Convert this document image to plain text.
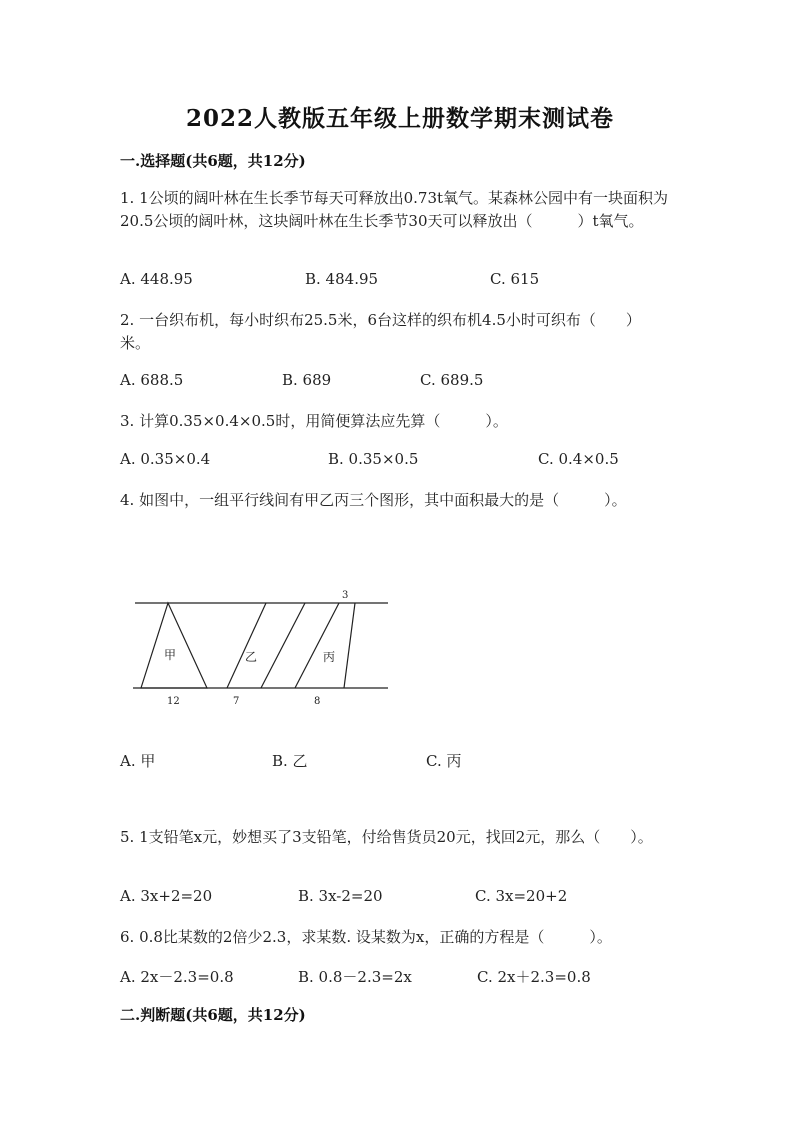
2022人教版五年级上册数学期末测试卷
一.选择题(共6题，共12分)
1. 1公顷的阔叶林在生长季节每天可释放出0.73t氧气。某森林公园中有一块面积为20.5公顷的阔叶林，这块阔叶林在生长季节30天可以释放出（　　　）t氧气。
A. 448.95	B. 484.95	C. 615
2. 一台织布机，每小时织布25.5米，6台这样的织布机4.5小时可织布（　　）米。
A. 688.5	B. 689	C. 689.5
3. 计算0.35×0.4×0.5时，用简便算法应先算（　　　）。
A. 0.35×0.4	B. 0.35×0.5	C. 0.4×0.5
4. 如图中，一组平行线间有甲乙丙三个图形，其中面积最大的是（　　　）。
甲	乙	丙
3
12	7	8
A. 甲	B. 乙	C. 丙
5. 1支铅笔x元，妙想买了3支铅笔，付给售货员20元，找回2元，那么（　　）。
A. 3x+2=20	B. 3x-2=20	C. 3x=20+2
6. 0.8比某数的2倍少2.3，求某数. 设某数为x，正确的方程是（　　　）。
A. 2x－2.3=0.8	B. 0.8－2.3=2x	C. 2x＋2.3=0.8
二.判断题(共6题，共12分)
